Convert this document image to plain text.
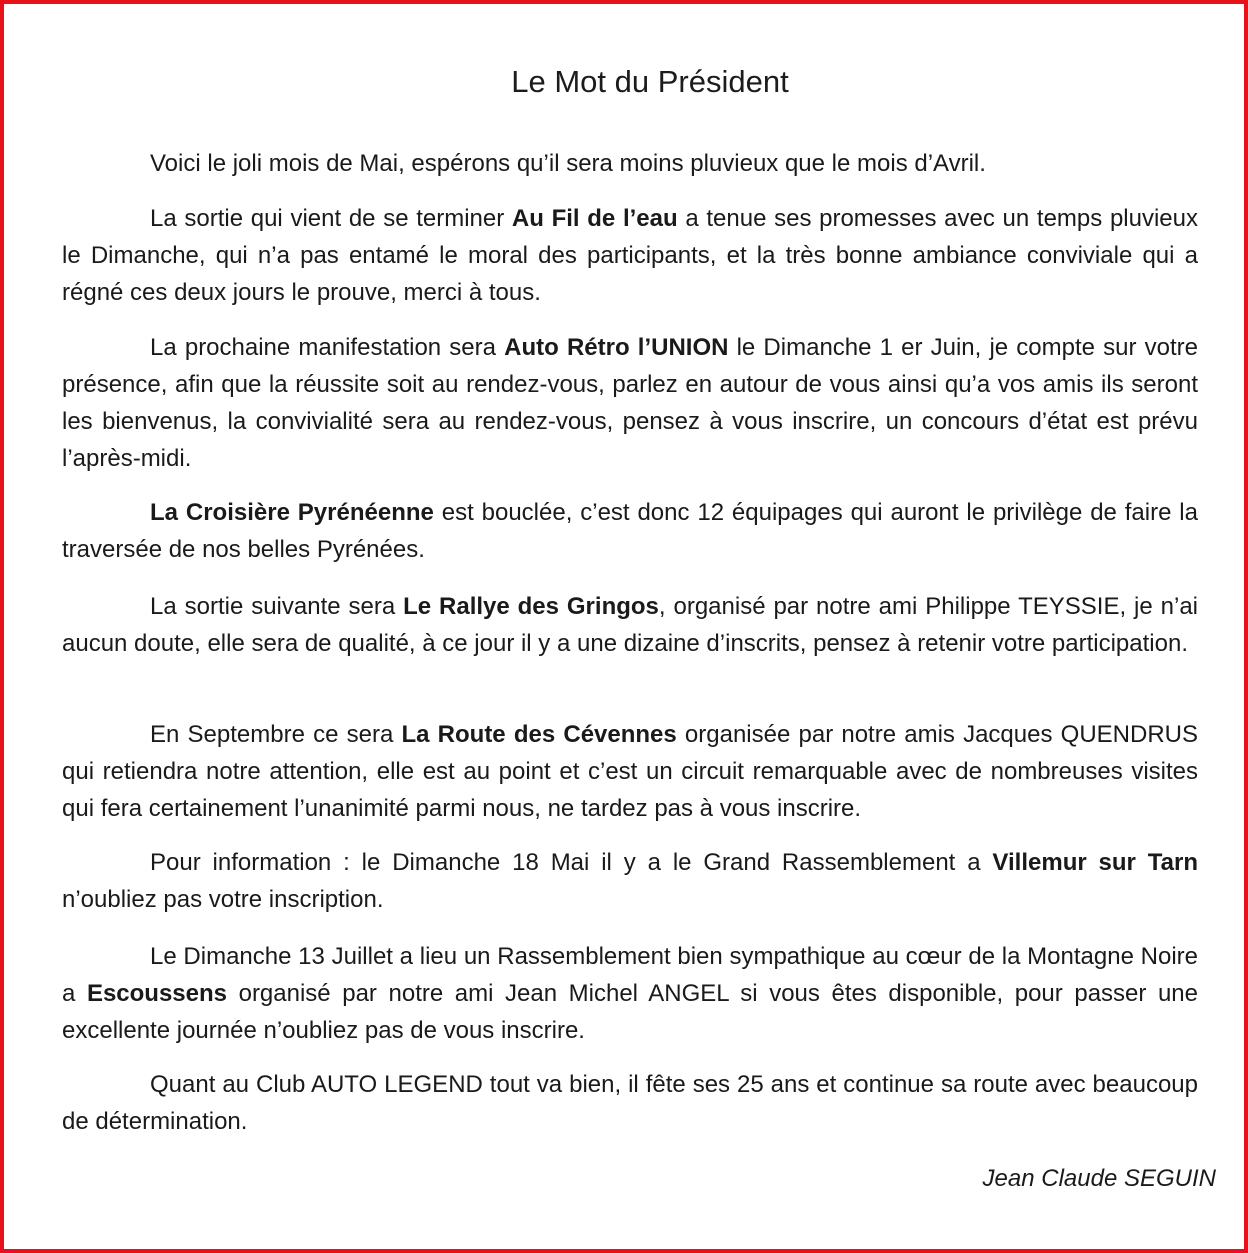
Le Mot du Président
Voici le joli mois de Mai, espérons qu’il sera moins pluvieux que le mois d’Avril.
La sortie qui vient de se terminer Au Fil de l’eau a tenue ses promesses avec un temps pluvieux le Dimanche, qui n’a pas entamé le moral des participants, et la très bonne ambiance conviviale qui a régné ces deux jours le prouve, merci à tous.
La prochaine manifestation sera Auto Rétro l’UNION le Dimanche 1 er Juin, je compte sur votre présence, afin que la réussite soit au rendez-vous, parlez en autour de vous ainsi qu’a vos amis ils seront les bienvenus, la convivialité sera au rendez-vous, pensez à vous inscrire, un concours d’état est prévu l’après-midi.
La Croisière Pyrénéenne est bouclée, c’est donc 12 équipages qui auront le privilège de faire la traversée de nos belles Pyrénées.
La sortie suivante sera Le Rallye des Gringos, organisé par notre ami Philippe TEYSSIE, je n’ai aucun doute, elle sera de qualité, à ce jour il y a une dizaine d’inscrits, pensez à retenir votre participation.
En Septembre ce sera La Route des Cévennes organisée par notre amis Jacques QUENDRUS qui retiendra notre attention, elle est au point et c’est un circuit remarquable avec de nombreuses visites qui fera certainement l’unanimité parmi nous, ne tardez pas à vous inscrire.
Pour information : le Dimanche 18 Mai il y a le Grand Rassemblement a Villemur sur Tarn n’oubliez pas votre inscription.
Le Dimanche 13 Juillet a lieu un Rassemblement bien sympathique au cœur de la Montagne Noire a Escoussens organisé par notre ami Jean Michel ANGEL si vous êtes disponible, pour passer une excellente journée n’oubliez pas de vous inscrire.
Quant au Club AUTO LEGEND tout va bien, il fête ses 25 ans et continue sa route avec beaucoup de détermination.
Jean Claude SEGUIN
